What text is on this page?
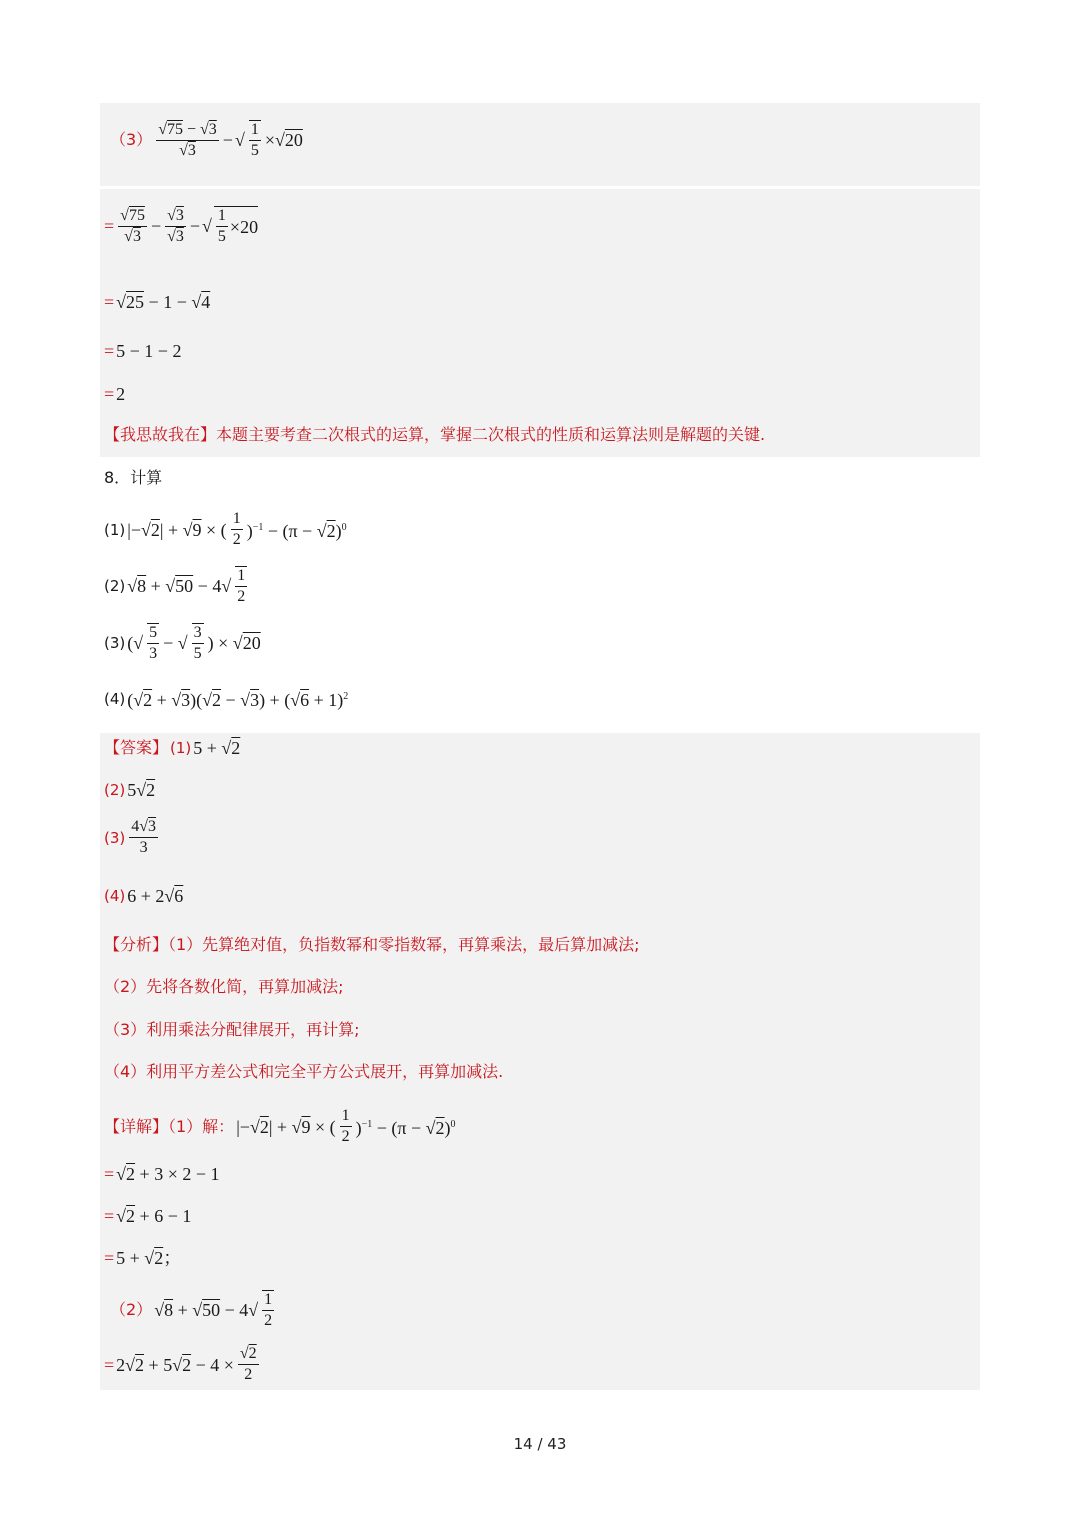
$(3) \frac{√75 - √3}{√3}$ − √ $\frac{1}{5} \times√20$
= $\frac{√75}{√3} - \frac{√3}{√3}$ − √ $\frac{1}{5} \times 20$
= √25 − 1 − √4
= 5 − 1 − 2
= 2
【我思故我在】本题主要考查二次根式的运算，掌握二次根式的性质和运算法则是解题的关键.
8．计算
(1) |−√2| + √9 × ( $\frac{1}{2} )^{-1} - (\pi - √2)^0$
(2) $√8 + √50 - 4√ \frac{1}{2}$
(3) (√ $\frac{5}{3}$ − √ $\frac{3}{5}$ ) × √20
(4) $(√2 + √3)(√2 - √3) + (√6 + 1)^2$
【答案】 (1) 5 + √2
(2) 5√2
$(3) \frac{4√3}{3}$
(4) 6 + 2√6
【分析】（1）先算绝对值，负指数幂和零指数幂，再算乘法，最后算加减法;
（2）先将各数化简，再算加减法;
（3）利用乘法分配律展开，再计算;
（4）利用平方差公式和完全平方公式展开，再算加减法.
【详解】（1）解： |−√2| + √9 × ( $\frac{1}{2} )^{-1} - (\pi - √2)^0$
= √2 + 3 × 2 − 1
= √2 + 6 − 1
= 5 + √2；
（2） $√8 + √50 - 4√ \frac{1}{2}$
= $2√2 + 5√2 - 4 \times \frac{√2}{2}$
14 / 43
